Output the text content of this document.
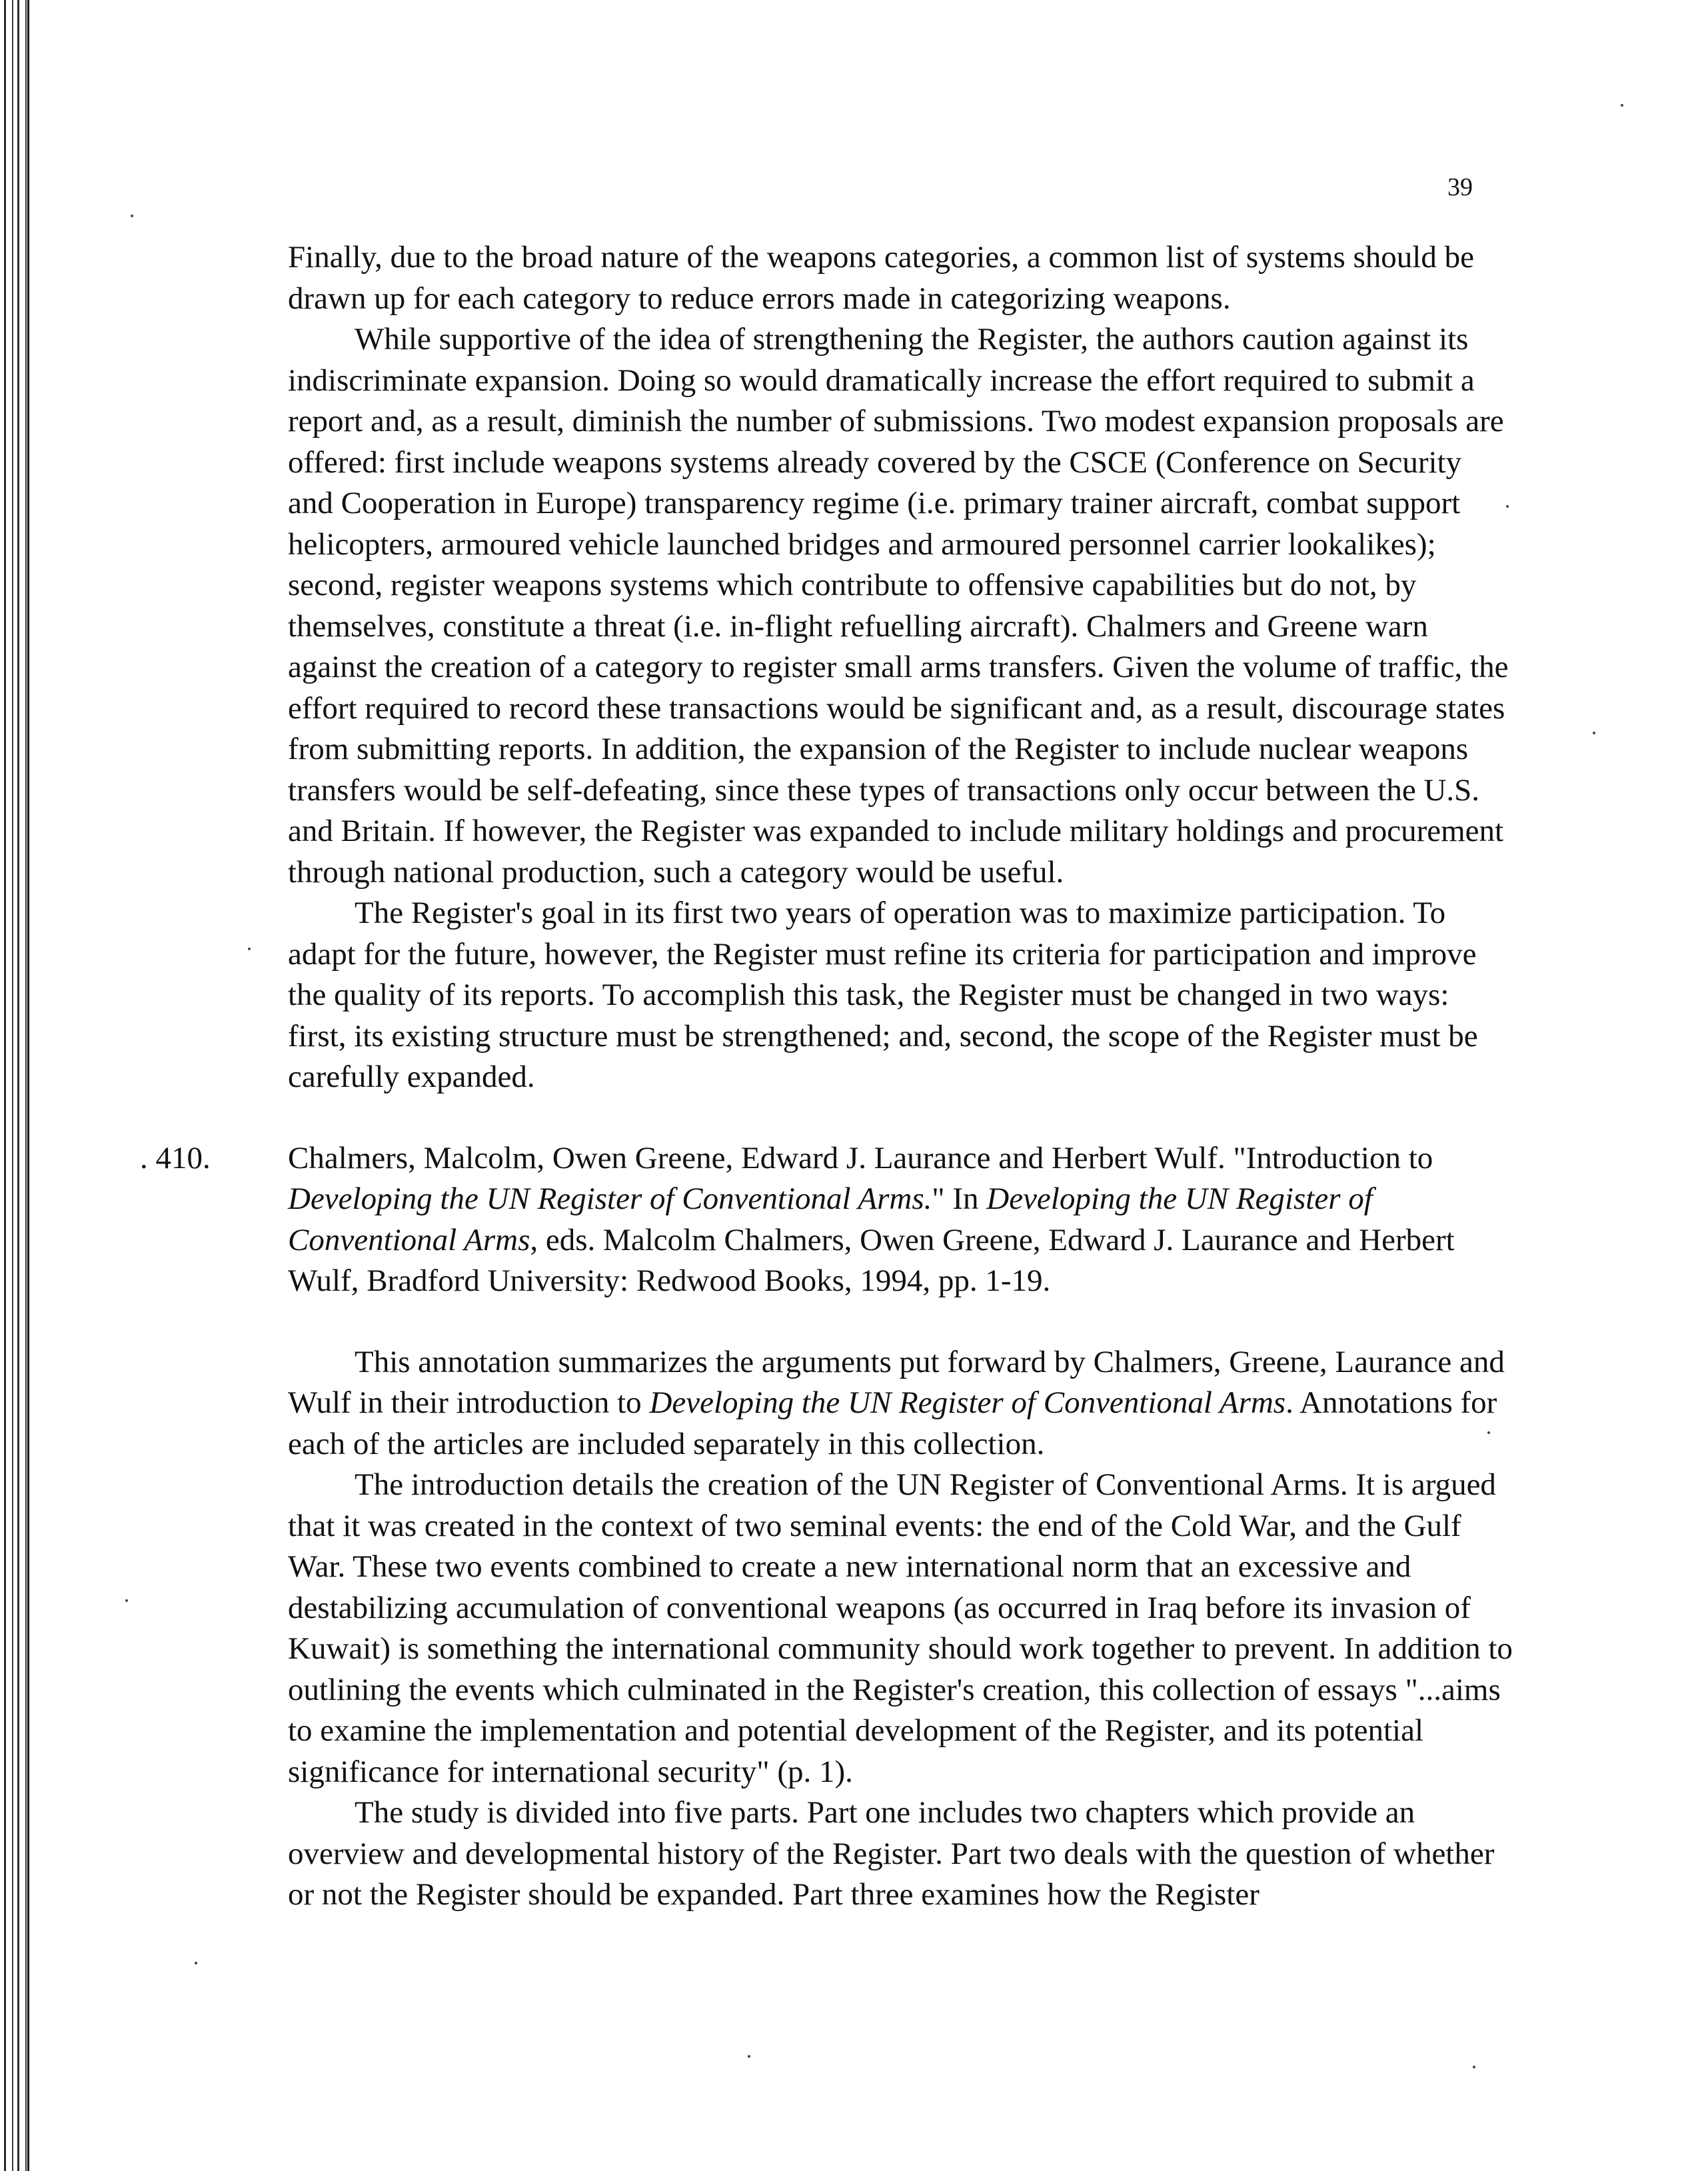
39

Finally, due to the broad nature of the weapons categories, a common list of systems should be drawn up for each category to reduce errors made in categorizing weapons.

While supportive of the idea of strengthening the Register, the authors caution against its indiscriminate expansion. Doing so would dramatically increase the effort required to submit a report and, as a result, diminish the number of submissions. Two modest expansion proposals are offered: first include weapons systems already covered by the CSCE (Conference on Security and Cooperation in Europe) transparency regime (i.e. primary trainer aircraft, combat support helicopters, armoured vehicle launched bridges and armoured personnel carrier lookalikes); second, register weapons systems which contribute to offensive capabilities but do not, by themselves, constitute a threat (i.e. in-flight refuelling aircraft). Chalmers and Greene warn against the creation of a category to register small arms transfers. Given the volume of traffic, the effort required to record these transactions would be significant and, as a result, discourage states from submitting reports. In addition, the expansion of the Register to include nuclear weapons transfers would be self-defeating, since these types of transactions only occur between the U.S. and Britain. If however, the Register was expanded to include military holdings and procurement through national production, such a category would be useful.

The Register's goal in its first two years of operation was to maximize participation. To adapt for the future, however, the Register must refine its criteria for participation and improve the quality of its reports. To accomplish this task, the Register must be changed in two ways: first, its existing structure must be strengthened; and, second, the scope of the Register must be carefully expanded.

. 410.	Chalmers, Malcolm, Owen Greene, Edward J. Laurance and Herbert Wulf. "Introduction to Developing the UN Register of Conventional Arms." In Developing the UN Register of Conventional Arms, eds. Malcolm Chalmers, Owen Greene, Edward J. Laurance and Herbert Wulf, Bradford University: Redwood Books, 1994, pp. 1-19.

This annotation summarizes the arguments put forward by Chalmers, Greene, Laurance and Wulf in their introduction to Developing the UN Register of Conventional Arms. Annotations for each of the articles are included separately in this collection.

The introduction details the creation of the UN Register of Conventional Arms. It is argued that it was created in the context of two seminal events: the end of the Cold War, and the Gulf War. These two events combined to create a new international norm that an excessive and destabilizing accumulation of conventional weapons (as occurred in Iraq before its invasion of Kuwait) is something the international community should work together to prevent. In addition to outlining the events which culminated in the Register's creation, this collection of essays "...aims to examine the implementation and potential development of the Register, and its potential significance for international security" (p. 1).

The study is divided into five parts. Part one includes two chapters which provide an overview and developmental history of the Register. Part two deals with the question of whether or not the Register should be expanded. Part three examines how the Register
